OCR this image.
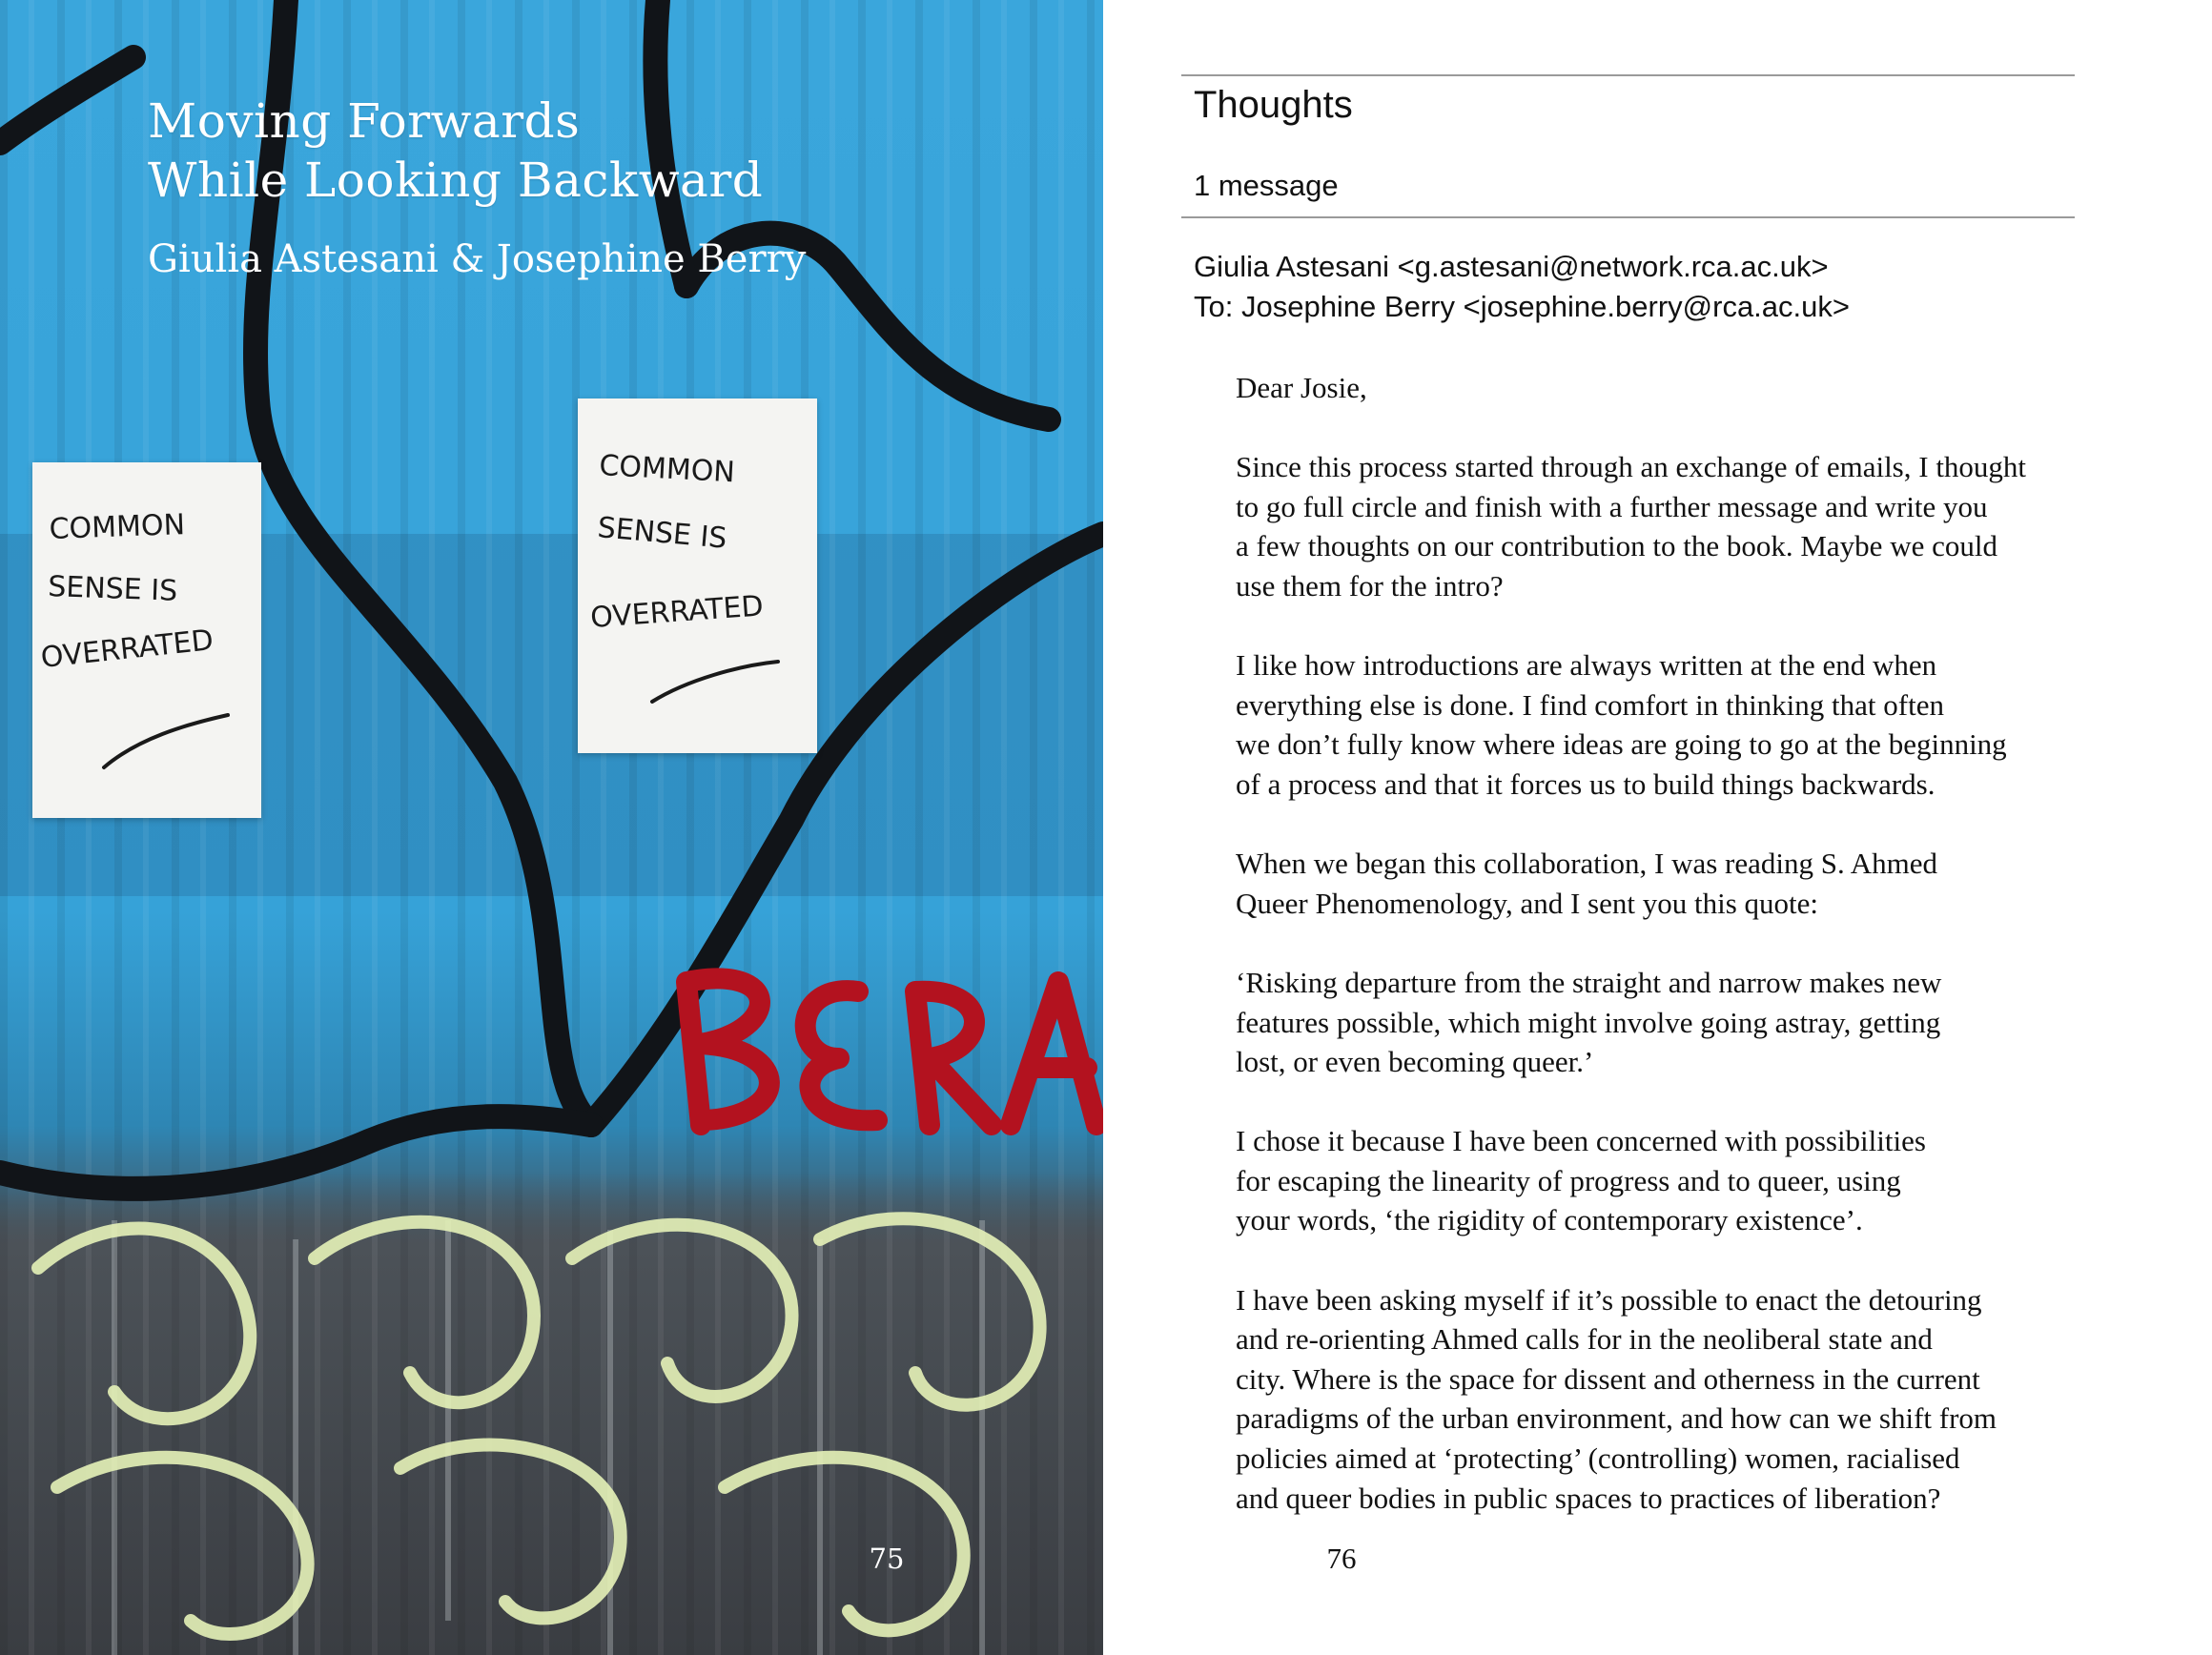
Moving Forwards
While Looking Backward
Giulia Astesani & Josephine Berry
COMMON
SENSE IS
OVERRATED
COMMON
SENSE IS
OVERRATED
75
Thoughts
1 message
Giulia Astesani <g.astesani@network.rca.ac.uk>
To: Josephine Berry <josephine.berry@rca.ac.uk>
Dear Josie,
Since this process started through an exchange of emails, I thought
to go full circle and finish with a further message and write you
a few thoughts on our contribution to the book. Maybe we could
use them for the intro?
I like how introductions are always written at the end when
everything else is done. I find comfort in thinking that often
we don’t fully know where ideas are going to go at the beginning
of a process and that it forces us to build things backwards.
When we began this collaboration, I was reading S. Ahmed
Queer Phenomenology, and I sent you this quote:
‘Risking departure from the straight and narrow makes new
features possible, which might involve going astray, getting
lost, or even becoming queer.’
I chose it because I have been concerned with possibilities
for escaping the linearity of progress and to queer, using
your words, ‘the rigidity of contemporary existence’.
I have been asking myself if it’s possible to enact the detouring
and re-orienting Ahmed calls for in the neoliberal state and
city. Where is the space for dissent and otherness in the current
paradigms of the urban environment, and how can we shift from
policies aimed at ‘protecting’ (controlling) women, racialised
and queer bodies in public spaces to practices of liberation?
76
